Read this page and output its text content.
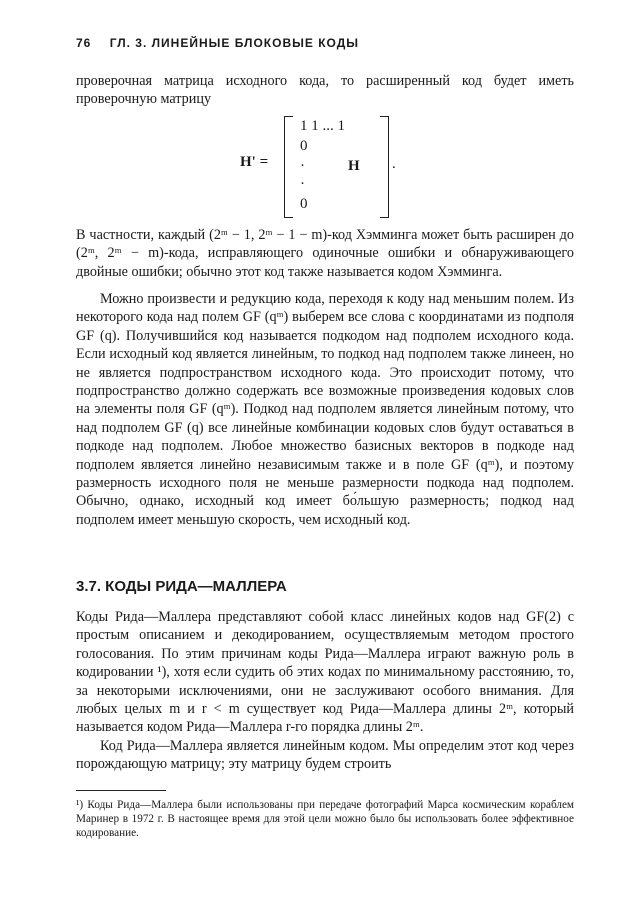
76 ГЛ. 3. ЛИНЕЙНЫЕ БЛОКОВЫЕ КОДЫ

проверочная матрица исходного кода, то расширенный код будет иметь проверочную матрицу

H' =
1 1 ... 1
0
·
·
0
H .

В частности, каждый (2ᵐ − 1, 2ᵐ − 1 − m)-код Хэмминга может быть расширен до (2ᵐ, 2ᵐ − m)-кода, исправляющего одиночные ошибки и обнаруживающего двойные ошибки; обычно этот код также называется кодом Хэмминга.

Можно произвести и редукцию кода, переходя к коду над меньшим полем. Из некоторого кода над полем GF (qᵐ) выберем все слова с координатами из подполя GF (q). Получившийся код называется подкодом над подполем исходного кода. Если исходный код является линейным, то подкод над подполем также линеен, но не является подпространством исходного кода. Это происходит потому, что подпространство должно содержать все возможные произведения кодовых слов на элементы поля GF (qᵐ). Подкод над подполем является линейным потому, что над подполем GF (q) все линейные комбинации кодовых слов будут оставаться в подкоде над подполем. Любое множество базисных векторов в подкоде над подполем является линейно независимым также и в поле GF (qᵐ), и поэтому размерность исходного поля не меньше размерности подкода над подполем. Обычно, однако, исходный код имеет бо́льшую размерность; подкод над подполем имеет меньшую скорость, чем исходный код.

3.7. КОДЫ РИДА—МАЛЛЕРА

Коды Рида—Маллера представляют собой класс линейных кодов над GF(2) с простым описанием и декодированием, осуществляемым методом простого голосования. По этим причинам коды Рида—Маллера играют важную роль в кодировании ¹), хотя если судить об этих кодах по минимальному расстоянию, то, за некоторыми исключениями, они не заслуживают особого внимания. Для любых целых m и r < m существует код Рида—Маллера длины 2ᵐ, который называется кодом Рида—Маллера r-го порядка длины 2ᵐ.

Код Рида—Маллера является линейным кодом. Мы определим этот код через порождающую матрицу; эту матрицу будем строить

¹) Коды Рида—Маллера были использованы при передаче фотографий Марса космическим кораблем Маринер в 1972 г. В настоящее время для этой цели можно было бы использовать более эффективное кодирование.
